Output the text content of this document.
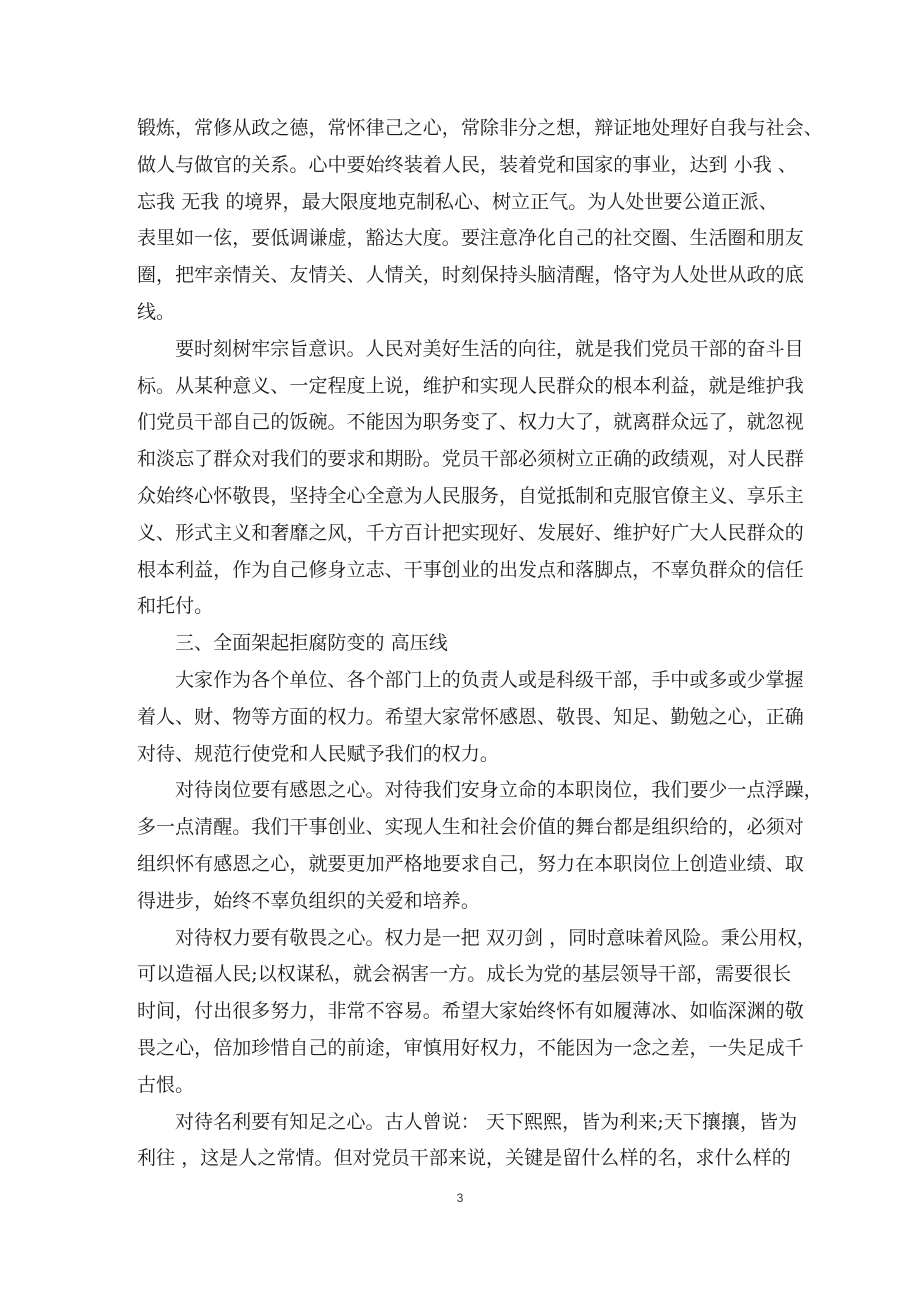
锻炼，常修从政之德，常怀律己之心，常除非分之想，辩证地处理好自我与社会、
做人与做官的关系。心中要始终装着人民，装着党和国家的事业，达到 小我 、
忘我 无我 的境界，最大限度地克制私心、树立正气。为人处世要公道正派、
表里如一伭，要低调谦虚，豁达大度。要注意净化自己的社交圈、生活圈和朋友
圈，把牢亲情关、友情关、人情关，时刻保持头脑清醒，恪守为人处世从政的底
线。
要时刻树牢宗旨意识。人民对美好生活的向往，就是我们党员干部的奋斗目
标。从某种意义、一定程度上说，维护和实现人民群众的根本利益，就是维护我
们党员干部自己的饭碗。不能因为职务变了、权力大了，就离群众远了，就忽视
和淡忘了群众对我们的要求和期盼。党员干部必须树立正确的政绩观，对人民群
众始终心怀敬畏，坚持全心全意为人民服务，自觉抵制和克服官僚主义、享乐主
义、形式主义和奢靡之风，千方百计把实现好、发展好、维护好广大人民群众的
根本利益，作为自己修身立志、干事创业的出发点和落脚点，不辜负群众的信任
和托付。
三、全面架起拒腐防变的 高压线
大家作为各个单位、各个部门上的负责人或是科级干部，手中或多或少掌握
着人、财、物等方面的权力。希望大家常怀感恩、敬畏、知足、勤勉之心，正确
对待、规范行使党和人民赋予我们的权力。
对待岗位要有感恩之心。对待我们安身立命的本职岗位，我们要少一点浮躁，
多一点清醒。我们干事创业、实现人生和社会价值的舞台都是组织给的，必须对
组织怀有感恩之心，就要更加严格地要求自己，努力在本职岗位上创造业绩、取
得进步，始终不辜负组织的关爱和培养。
对待权力要有敬畏之心。权力是一把 双刃剑 ，同时意味着风险。秉公用权，
可以造福人民;以权谋私，就会祸害一方。成长为党的基层领导干部，需要很长
时间，付出很多努力，非常不容易。希望大家始终怀有如履薄冰、如临深渊的敬
畏之心，倍加珍惜自己的前途，审慎用好权力，不能因为一念之差，一失足成千
古恨。
对待名利要有知足之心。古人曾说： 天下熙熙，皆为利来;天下攘攘，皆为
利往 ，这是人之常情。但对党员干部来说，关键是留什么样的名，求什么样的
3
